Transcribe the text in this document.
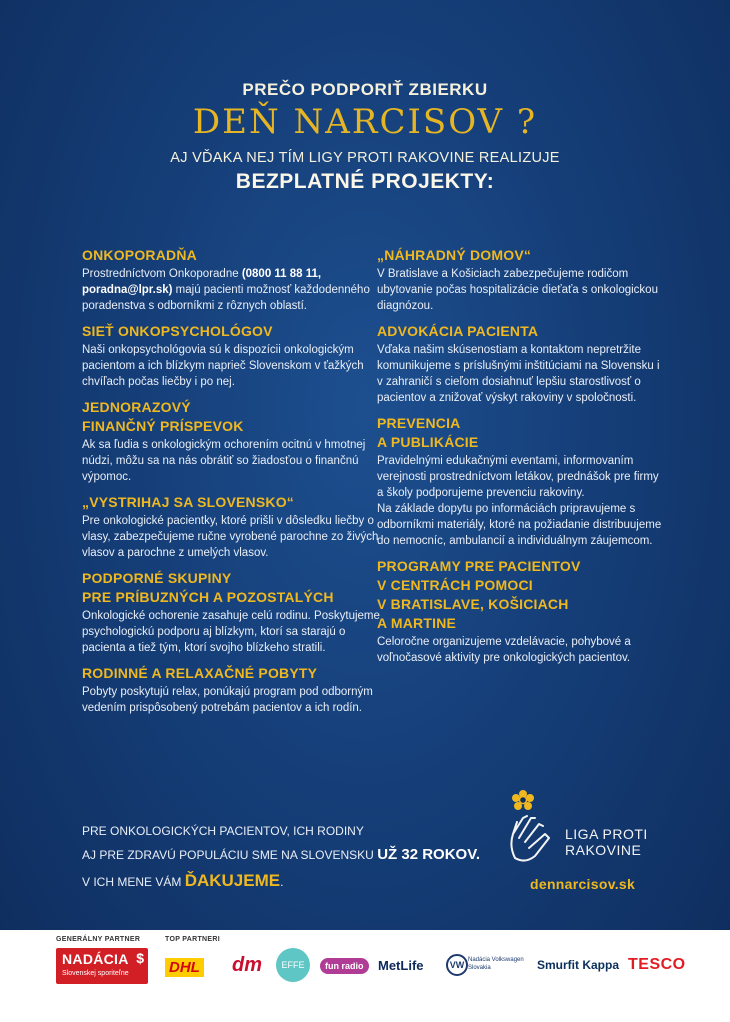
PREČO PODPORIŤ ZBIERKU
DEŇ NARCISOV ?
AJ VĎAKA NEJ TÍM LIGY PROTI RAKOVINE REALIZUJE
BEZPLATNÉ PROJEKTY:
ONKOPORADŇA
Prostredníctvom Onkoporadne (0800 11 88 11, poradna@lpr.sk) majú pacienti možnosť každodenného poradenstva s odborníkmi z rôznych oblastí.
SIEŤ ONKOPSYCHOLÓGOV
Naši onkopsychológovia sú k dispozícii onkologickým pacientom a ich blízkym naprieč Slovenskom v ťažkých chvíľach počas liečby i po nej.
JEDNORAZOVÝ
FINANČNÝ PRÍSPEVOK
Ak sa ľudia s onkologickým ochorením ocitnú v hmotnej núdzi, môžu sa na nás obrátiť so žiadosťou o finančnú výpomoc.
„VYSTRIHAJ SA SLOVENSKO“
Pre onkologické pacientky, ktoré prišli v dôsledku liečby o vlasy, zabezpečujeme ručne vyrobené parochne zo živých vlasov a parochne z umelých vlasov.
PODPORNÉ SKUPINY
PRE PRÍBUZNÝCH A POZOSTALÝCH
Onkologické ochorenie zasahuje celú rodinu. Poskytujeme psychologickú podporu aj blízkym, ktorí sa starajú o pacienta a tiež tým, ktorí svojho blízkeho stratili.
RODINNÉ A RELAXAČNÉ POBYTY
Pobyty poskytujú relax, ponúkajú program pod odborným vedením prispôsobený potrebám pacientov a ich rodín.
„NÁHRADNÝ DOMOV“
V Bratislave a Košiciach zabezpečujeme rodičom ubytovanie počas hospitalizácie dieťaťa s onkologickou diagnózou.
ADVOKÁCIA PACIENTA
Vďaka našim skúsenostiam a kontaktom nepretržite komunikujeme s príslušnými inštitúciami na Slovensku i v zahraničí s cieľom dosiahnuť lepšiu starostlivosť o pacientov a znižovať výskyt rakoviny v spoločnosti.
PREVENCIA
A PUBLIKÁCIE
Pravidelnými edukačnými eventami, informovaním verejnosti prostredníctvom letákov, prednášok pre firmy a školy podporujeme prevenciu rakoviny.
Na základe dopytu po informáciách pripravujeme s odborníkmi materiály, ktoré na požiadanie distribuujeme do nemocníc, ambulancií a individuálnym záujemcom.
PROGRAMY PRE PACIENTOV
V CENTRÁCH POMOCI
V BRATISLAVE, KOŠICIACH
A MARTINE
Celoročne organizujeme vzdelávacie, pohybové a voľnočasové aktivity pre onkologických pacientov.
PRE ONKOLOGICKÝCH PACIENTOV, ICH RODINY
AJ PRE ZDRAVÚ POPULÁCIU SME NA SLOVENSKU UŽ 32 ROKOV.
V ICH MENE VÁM ĎAKUJEME.
LIGA PROTI
RAKOVINE
dennarcisov.sk
GENERÁLNY PARTNER	TOP PARTNERI
NADÁCIA
Slovenskej sporiteľne
$
DHL dm	EFFE	fun radio	MetLife	VW Nadácia Volkswagen Slovakia	Smurfit Kappa TESCO
